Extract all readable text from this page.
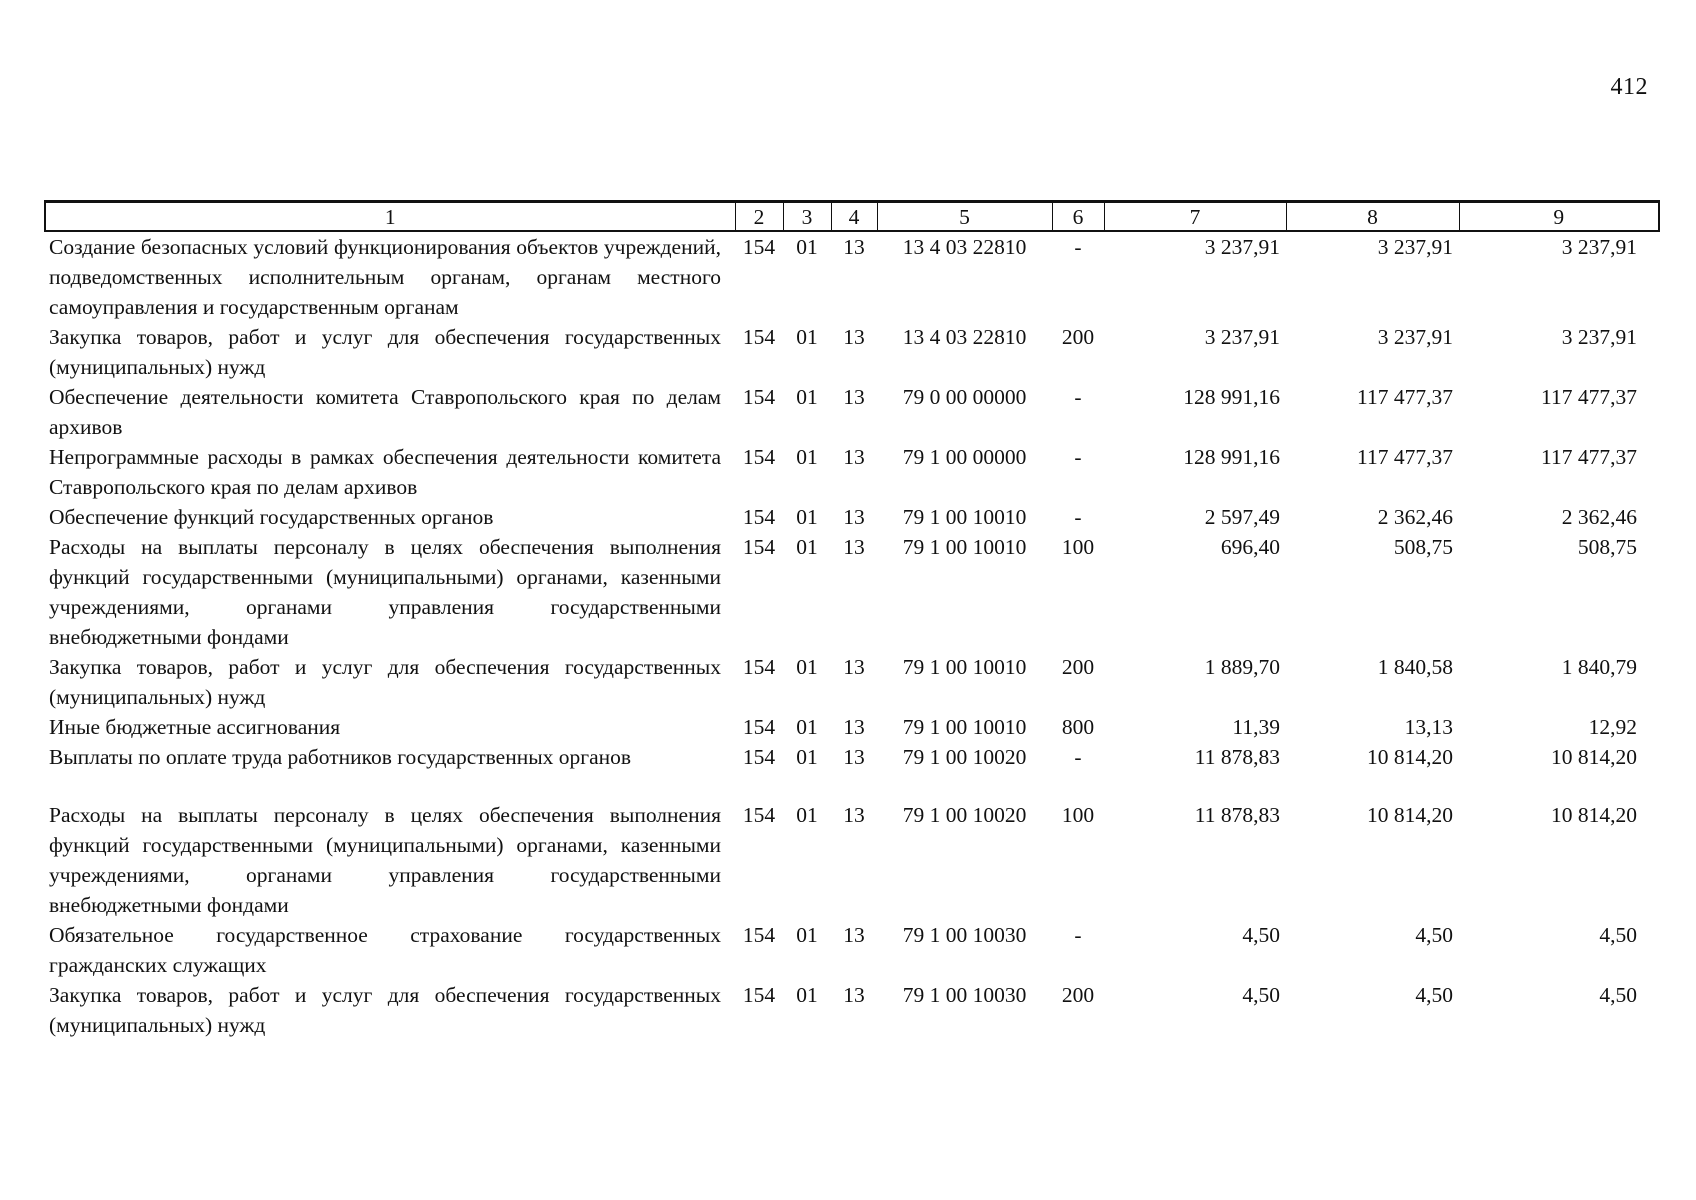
412
1	2	3	4	5	6	7	8	9
Создание безопасных условий функционирования объектов учреждений, подведомственных исполнительным органам, органам местного самоуправления и государственным органам	154	01	13	13 4 03 22810	-	3 237,91	3 237,91	3 237,91
Закупка товаров, работ и услуг для обеспечения государственных (муниципальных) нужд	154	01	13	13 4 03 22810	200	3 237,91	3 237,91	3 237,91
Обеспечение деятельности комитета Ставропольского края по делам архивов	154	01	13	79 0 00 00000	-	128 991,16	117 477,37	117 477,37
Непрограммные расходы в рамках обеспечения деятельности комитета Ставропольского края по делам архивов	154	01	13	79 1 00 00000	-	128 991,16	117 477,37	117 477,37
Обеспечение функций государственных органов	154	01	13	79 1 00 10010	-	2 597,49	2 362,46	2 362,46
Расходы на выплаты персоналу в целях обеспечения выполнения функций государственными (муниципальными) органами, казенными учреждениями, органами управления государственными внебюджетными фондами	154	01	13	79 1 00 10010	100	696,40	508,75	508,75
Закупка товаров, работ и услуг для обеспечения государственных (муниципальных) нужд	154	01	13	79 1 00 10010	200	1 889,70	1 840,58	1 840,79
Иные бюджетные ассигнования	154	01	13	79 1 00 10010	800	11,39	13,13	12,92
Выплаты по оплате труда работников государственных органов	154	01	13	79 1 00 10020	-	11 878,83	10 814,20	10 814,20
Расходы на выплаты персоналу в целях обеспечения выполнения функций государственными (муниципальными) органами, казенными учреждениями, органами управления государственными внебюджетными фондами	154	01	13	79 1 00 10020	100	11 878,83	10 814,20	10 814,20
Обязательное государственное страхование государственных гражданских служащих	154	01	13	79 1 00 10030	-	4,50	4,50	4,50
Закупка товаров, работ и услуг для обеспечения государственных (муниципальных) нужд	154	01	13	79 1 00 10030	200	4,50	4,50	4,50
